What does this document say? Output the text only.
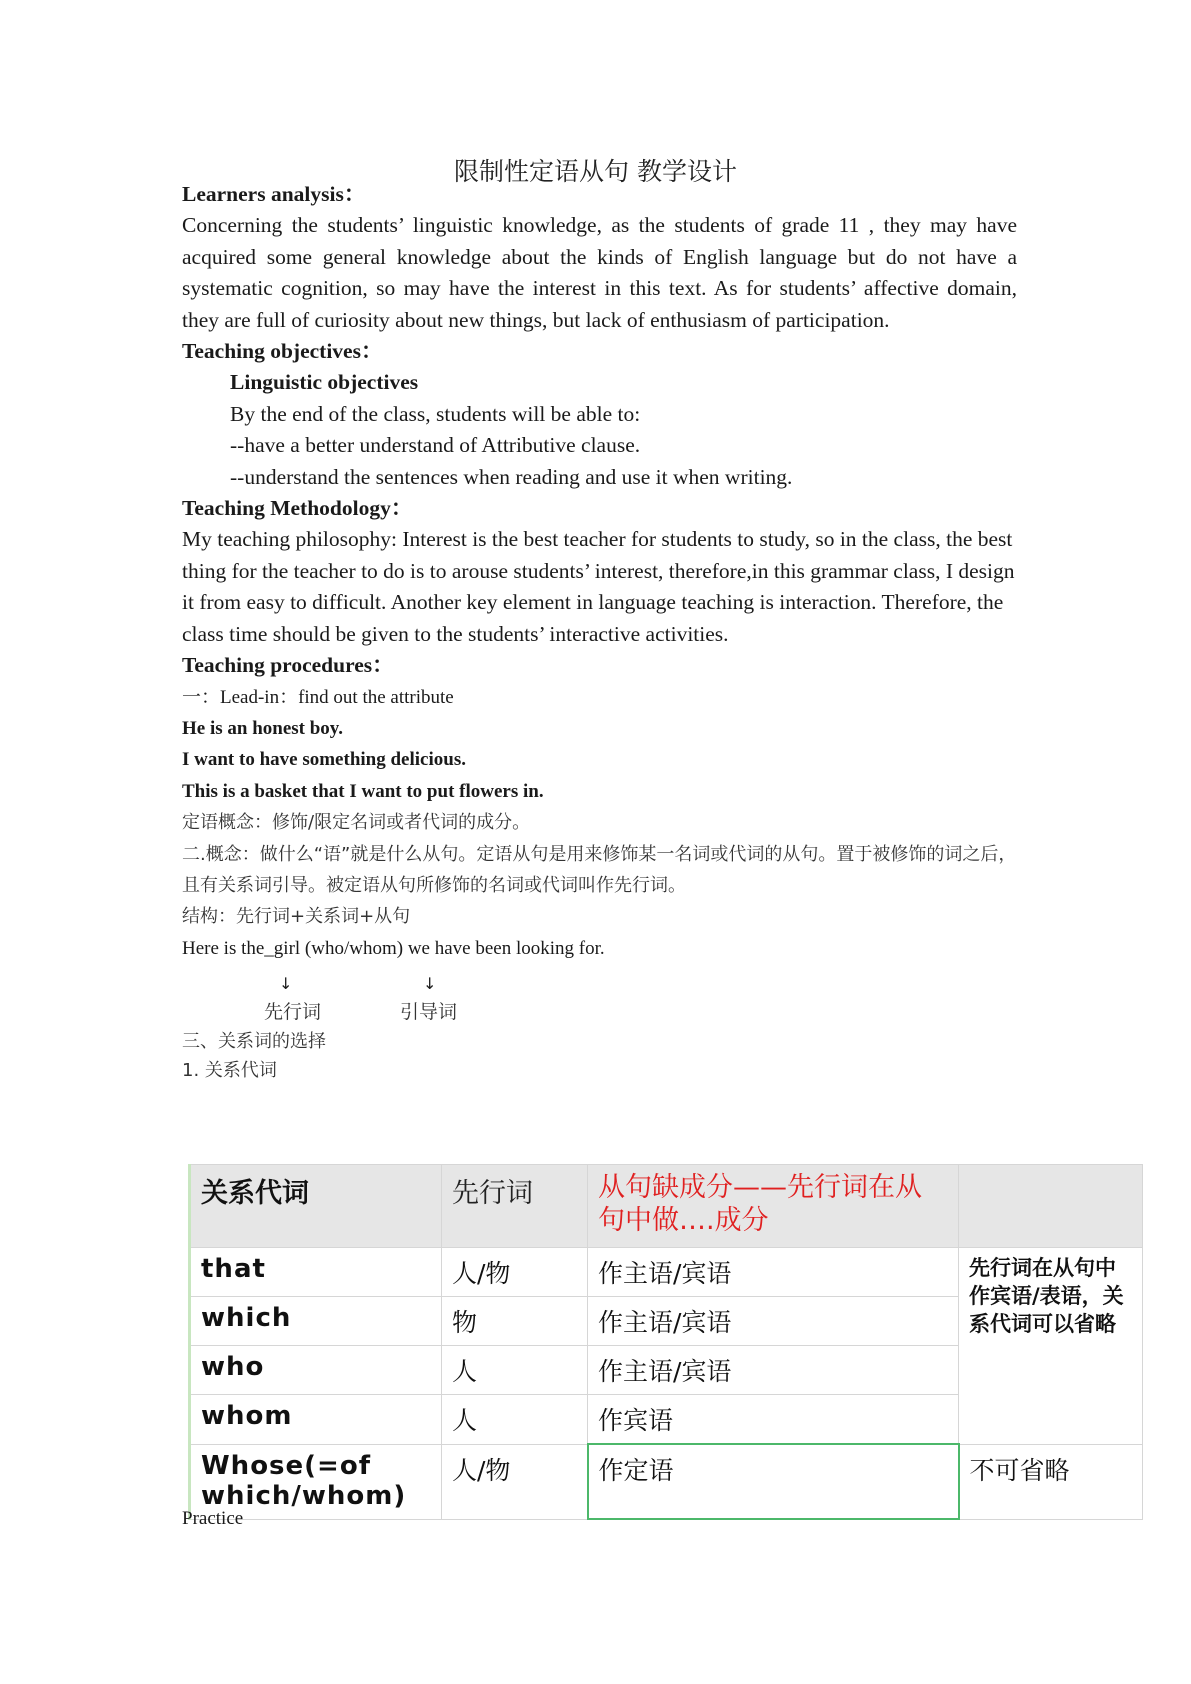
限制性定语从句 教学设计
Learners analysis：
Concerning the students’ linguistic knowledge, as the students of grade 11 , they may have acquired some general knowledge about the kinds of English language but do not have a systematic cognition, so may have the interest in this text. As for students’ affective domain, they are full of curiosity about new things, but lack of enthusiasm of participation.
Teaching objectives：
Linguistic objectives
By the end of the class, students will be able to:
--have a better understand of Attributive clause.
--understand the sentences when reading and use it when writing.
Teaching Methodology：
My teaching philosophy: Interest is the best teacher for students to study, so in the class, the best thing for the teacher to do is to arouse students’ interest, therefore,in this grammar class, I design it from easy to difficult. Another key element in language teaching is interaction. Therefore, the class time should be given to the students’ interactive activities.
Teaching procedures：
一：Lead-in：find out the attribute
He is an honest boy.
I want to have something delicious.
This is a basket that I want to put flowers in.
定语概念：修饰/限定名词或者代词的成分。
二.概念：做什么“语”就是什么从句。定语从句是用来修饰某一名词或代词的从句。置于被修饰的词之后，且有关系词引导。被定语从句所修饰的名词或代词叫作先行词。
结构：先行词+关系词+从句
Here is the_girl (who/whom) we have been looking for.
↓	↓
先行词	引导词
三、关系词的选择
1. 关系代词
关系代词	先行词	从句缺成分——先行词在从句中做….成分	
that	人/物	作主语/宾语	先行词在从句中作宾语/表语，关系代词可以省略
which	物	作主语/宾语	
who	人	作主语/宾语	
whom	人	作宾语	
Whose(=of which/whom)	人/物	作定语	不可省略
Practice
